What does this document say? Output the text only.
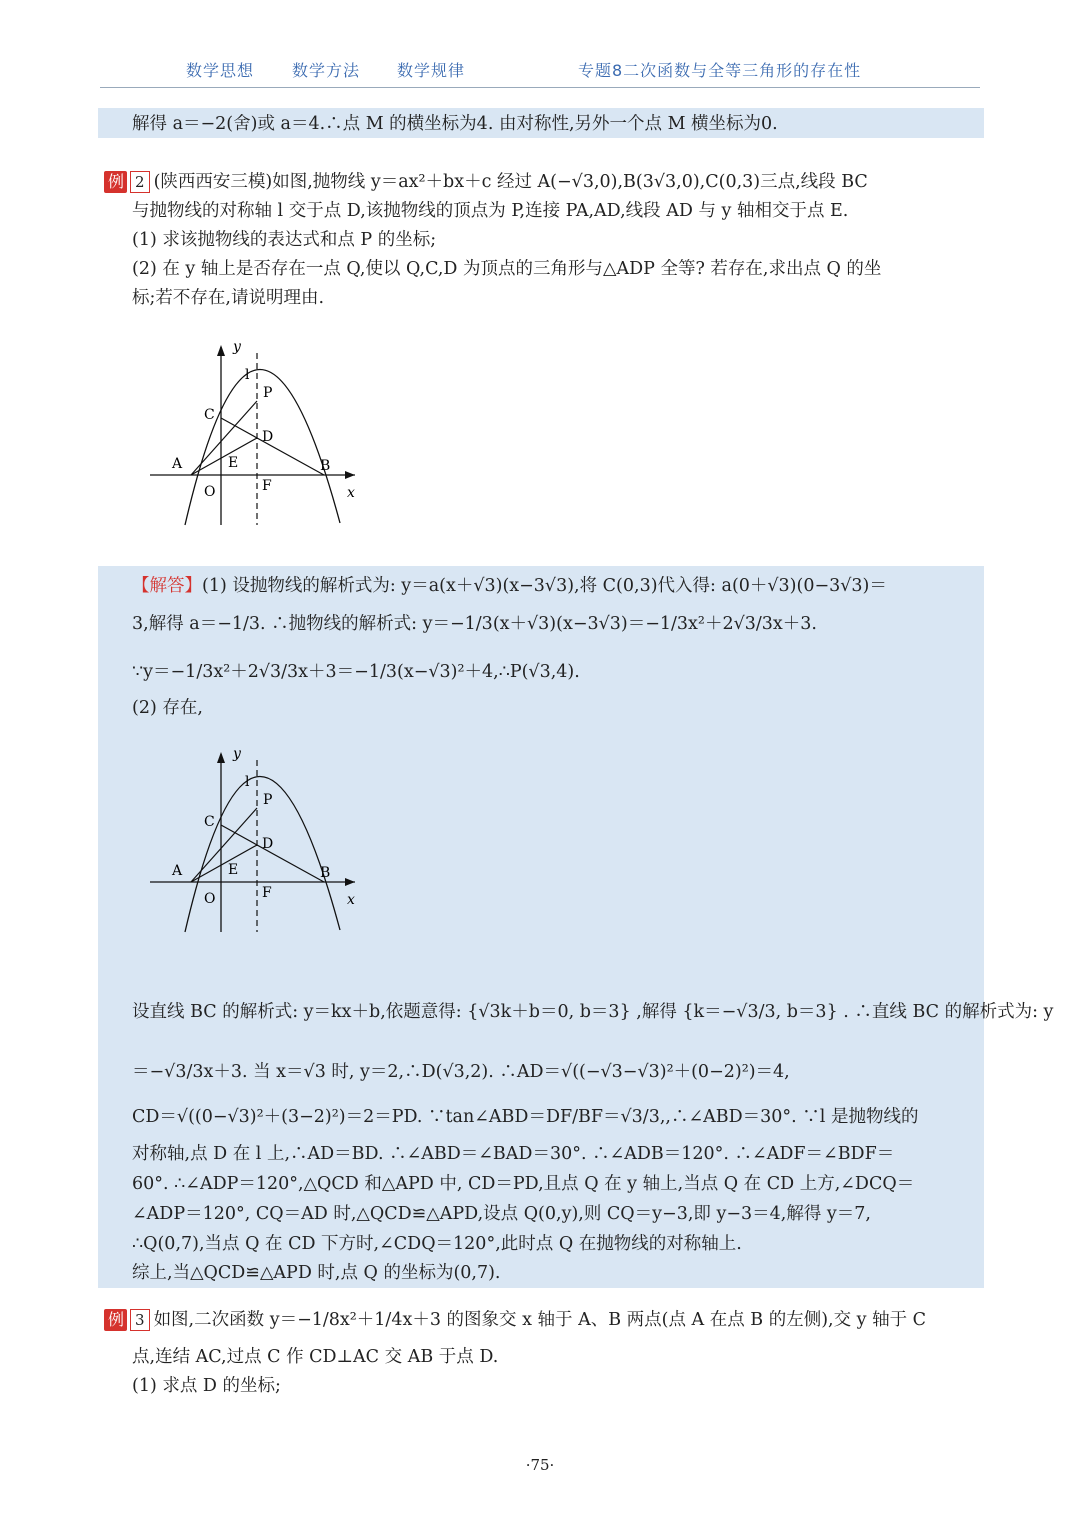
数学思想 数学方法 数学规律	专题8二次函数与全等三角形的存在性
解得 a＝−2(舍)或 a＝4.∴点 M 的横坐标为4. 由对称性,另外一个点 M 横坐标为0.
例 2 (陕西西安三模)如图,抛物线 y＝ax²＋bx＋c 经过 A(−√3,0),B(3√3,0),C(0,3)三点,线段 BC
与抛物线的对称轴 l 交于点 D,该抛物线的顶点为 P,连接 PA,AD,线段 AD 与 y 轴相交于点 E.
(1) 求该抛物线的表达式和点 P 的坐标;
(2) 在 y 轴上是否存在一点 Q,使以 Q,C,D 为顶点的三角形与△ADP 全等? 若存在,求出点 Q 的坐
标;若不存在,请说明理由.
y
x
l
P
C
D
A	E	B
O	F
【解答】(1) 设抛物线的解析式为: y＝a(x＋√3)(x−3√3),将 C(0,3)代入得: a(0＋√3)(0−3√3)＝
3,解得 a＝−1/3. ∴抛物线的解析式: y＝−1/3(x＋√3)(x−3√3)＝−1/3x²＋2√3/3x＋3.
∵y＝−1/3x²＋2√3/3x＋3＝−1/3(x−√3)²＋4,∴P(√3,4).
(2) 存在,
y
x
l
P
C
D
A	E	B
O	F
设直线 BC 的解析式: y＝kx＋b,依题意得: {√3k＋b＝0, b＝3} ,解得 {k＝−√3/3, b＝3} . ∴直线 BC 的解析式为: y
＝−√3/3x＋3. 当 x＝√3 时, y＝2,∴D(√3,2). ∴AD＝√((−√3−√3)²＋(0−2)²)＝4,
CD＝√((0−√3)²＋(3−2)²)＝2＝PD. ∵tan∠ABD＝DF/BF＝√3/3,,∴∠ABD＝30°. ∵l 是抛物线的
对称轴,点 D 在 l 上,∴AD＝BD. ∴∠ABD＝∠BAD＝30°. ∴∠ADB＝120°. ∴∠ADF＝∠BDF＝
60°. ∴∠ADP＝120°,△QCD 和△APD 中, CD＝PD,且点 Q 在 y 轴上,当点 Q 在 CD 上方,∠DCQ＝
∠ADP＝120°, CQ＝AD 时,△QCD≌△APD,设点 Q(0,y),则 CQ＝y−3,即 y−3＝4,解得 y＝7,
∴Q(0,7),当点 Q 在 CD 下方时,∠CDQ＝120°,此时点 Q 在抛物线的对称轴上.
综上,当△QCD≌△APD 时,点 Q 的坐标为(0,7).
例 3 如图,二次函数 y＝−1/8x²＋1/4x＋3 的图象交 x 轴于 A、B 两点(点 A 在点 B 的左侧),交 y 轴于 C
点,连结 AC,过点 C 作 CD⊥AC 交 AB 于点 D.
(1) 求点 D 的坐标;
·75·
